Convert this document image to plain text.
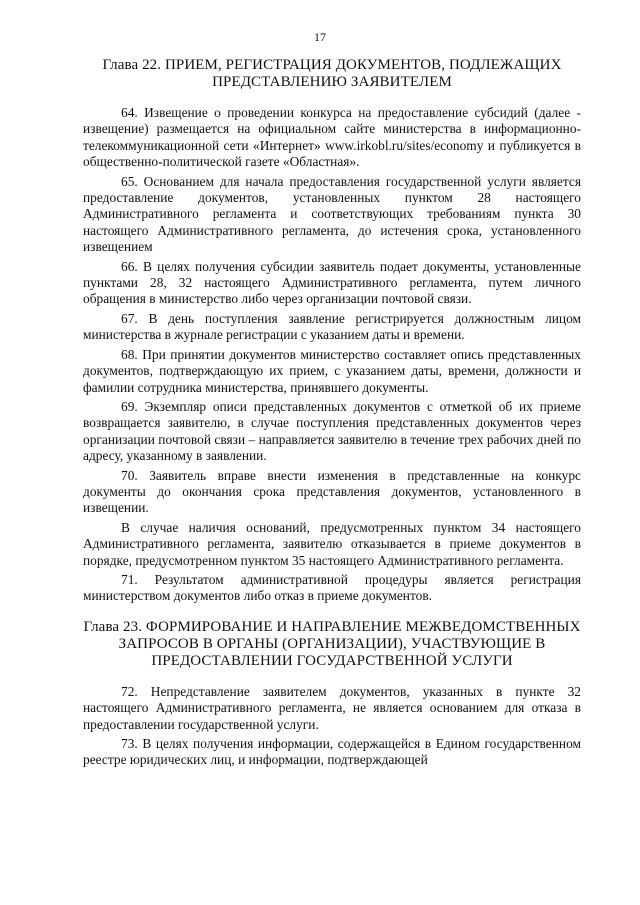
17
Глава 22. ПРИЕМ, РЕГИСТРАЦИЯ ДОКУМЕНТОВ, ПОДЛЕЖАЩИХ ПРЕДСТАВЛЕНИЮ ЗАЯВИТЕЛЕМ

64. Извещение о проведении конкурса на предоставление субсидий (далее - извещение) размещается на официальном сайте министерства в информационно-телекоммуникационной сети «Интернет» www.irkobl.ru/sites/economy и публикуется в общественно-политической газете «Областная».

65. Основанием для начала предоставления государственной услуги является предоставление документов, установленных пунктом 28 настоящего Административного регламента и соответствующих требованиям пункта 30 настоящего Административного регламента, до истечения срока, установленного извещением

66. В целях получения субсидии заявитель подает документы, установленные пунктами 28, 32 настоящего Административного регламента, путем личного обращения в министерство либо через организации почтовой связи.

67. В день поступления заявление регистрируется должностным лицом министерства в журнале регистрации с указанием даты и времени.

68. При принятии документов министерство составляет опись представленных документов, подтверждающую их прием, с указанием даты, времени, должности и фамилии сотрудника министерства, принявшего документы.

69. Экземпляр описи представленных документов с отметкой об их приеме возвращается заявителю, в случае поступления представленных документов через организации почтовой связи – направляется заявителю в течение трех рабочих дней по адресу, указанному в заявлении.

70. Заявитель вправе внести изменения в представленные на конкурс документы до окончания срока представления документов, установленного в извещении.

В случае наличия оснований, предусмотренных пунктом 34 настоящего Административного регламента, заявителю отказывается в приеме документов в порядке, предусмотренном пунктом 35 настоящего Административного регламента.

71. Результатом административной процедуры является регистрация министерством документов либо отказ в приеме документов.

Глава 23. ФОРМИРОВАНИЕ И НАПРАВЛЕНИЕ МЕЖВЕДОМСТВЕННЫХ ЗАПРОСОВ В ОРГАНЫ (ОРГАНИЗАЦИИ), УЧАСТВУЮЩИЕ В ПРЕДОСТАВЛЕНИИ ГОСУДАРСТВЕННОЙ УСЛУГИ

72. Непредставление заявителем документов, указанных в пункте 32 настоящего Административного регламента, не является основанием для отказа в предоставлении государственной услуги.

73. В целях получения информации, содержащейся в Едином государственном реестре юридических лиц, и информации, подтверждающей
